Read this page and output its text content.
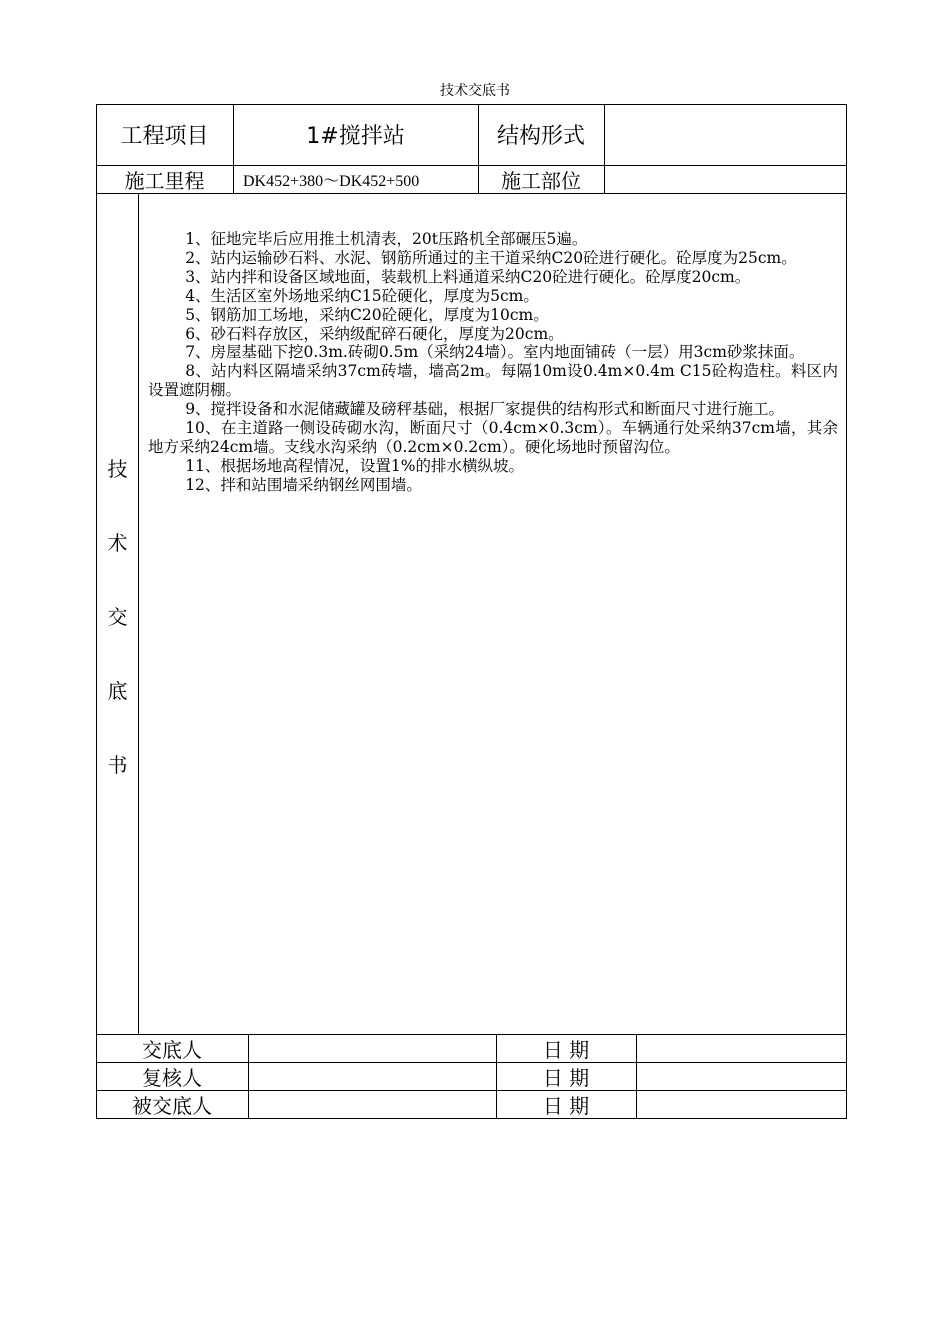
技术交底书
工程项目	1#搅拌站	结构形式
施工里程	DK452+380～DK452+500	施工部位
技
术
交
底
书

1、征地完毕后应用推土机清表，20t压路机全部碾压5遍。

2、站内运输砂石料、水泥、钢筋所通过的主干道采纳C20砼进行硬化。砼厚度为25cm。

3、站内拌和设备区域地面，装载机上料通道采纳C20砼进行硬化。砼厚度20cm。

4、生活区室外场地采纳C15砼硬化，厚度为5cm。

5、钢筋加工场地，采纳C20砼硬化，厚度为10cm。

6、砂石料存放区，采纳级配碎石硬化，厚度为20cm。

7、房屋基础下挖0.3m.砖砌0.5m（采纳24墙）。室内地面铺砖（一层）用3cm砂浆抹面。

8、站内料区隔墙采纳37cm砖墙，墙高2m。每隔10m设0.4m×0.4m C15砼构造柱。料区内设置遮阴棚。

9、搅拌设备和水泥储藏罐及磅秤基础，根据厂家提供的结构形式和断面尺寸进行施工。

10、在主道路一侧设砖砌水沟，断面尺寸（0.4cm×0.3cm）。车辆通行处采纳37cm墙，其余地方采纳24cm墙。支线水沟采纳（0.2cm×0.2cm）。硬化场地时预留沟位。

11、根据场地高程情况，设置1%的排水横纵坡。

12、拌和站围墙采纳钢丝网围墙。

交底人	日 期
复核人	日 期
被交底人	日 期
